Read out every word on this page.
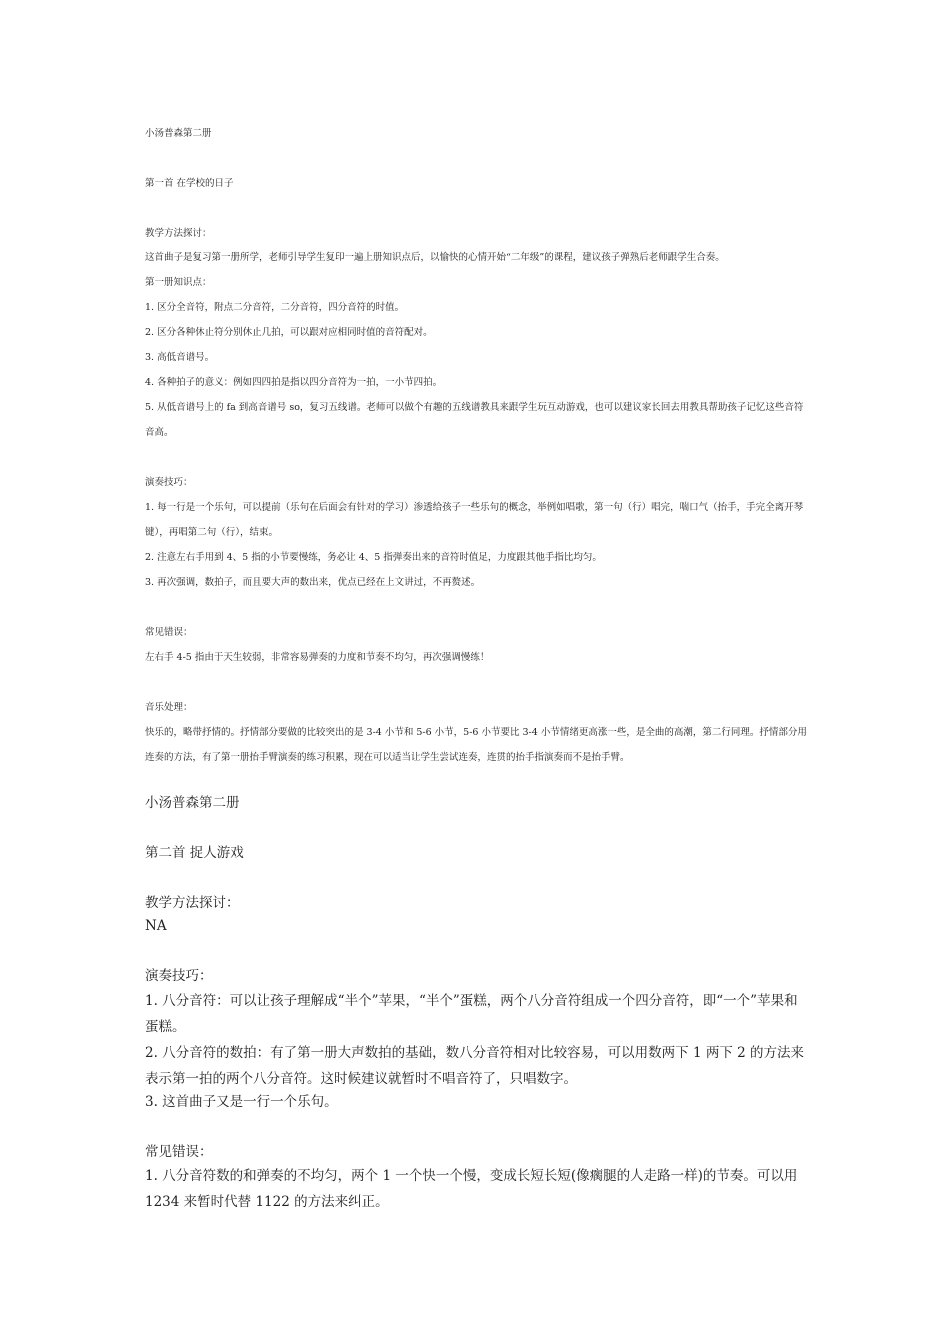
小汤普森第二册
第一首 在学校的日子
教学方法探讨：
这首曲子是复习第一册所学，老师引导学生复印一遍上册知识点后，以愉快的心情开始“二年级”的课程，建议孩子弹熟后老师跟学生合奏。
第一册知识点：
1. 区分全音符，附点二分音符，二分音符，四分音符的时值。
2. 区分各种休止符分别休止几拍，可以跟对应相同时值的音符配对。
3. 高低音谱号。
4. 各种拍子的意义：例如四四拍是指以四分音符为一拍，一小节四拍。
5. 从低音谱号上的 fa 到高音谱号 so，复习五线谱。老师可以做个有趣的五线谱教具来跟学生玩互动游戏，也可以建议家长回去用教具帮助孩子记忆这些音符音高。
演奏技巧：
1. 每一行是一个乐句，可以提前（乐句在后面会有针对的学习）渗透给孩子一些乐句的概念，举例如唱歌，第一句（行）唱完，喘口气（抬手，手完全离开琴键），再唱第二句（行），结束。
2. 注意左右手用到 4、5 指的小节要慢练，务必让 4、5 指弹奏出来的音符时值足，力度跟其他手指比均匀。
3. 再次强调，数拍子，而且要大声的数出来，优点已经在上文讲过，不再赘述。
常见错误：
左右手 4-5 指由于天生较弱，非常容易弹奏的力度和节奏不均匀，再次强调慢练！
音乐处理：
快乐的，略带抒情的。抒情部分要做的比较突出的是 3-4 小节和 5-6 小节，5-6 小节要比 3-4 小节情绪更高涨一些，是全曲的高潮，第二行同理。抒情部分用连奏的方法，有了第一册抬手臂演奏的练习积累，现在可以适当让学生尝试连奏，连贯的抬手指演奏而不是抬手臂。
小汤普森第二册
第二首 捉人游戏
教学方法探讨：
NA
演奏技巧：
1. 八分音符：可以让孩子理解成“半个”苹果，“半个”蛋糕，两个八分音符组成一个四分音符，即“一个”苹果和蛋糕。
2. 八分音符的数拍：有了第一册大声数拍的基础，数八分音符相对比较容易，可以用数两下 1 两下 2 的方法来表示第一拍的两个八分音符。这时候建议就暂时不唱音符了，只唱数字。
3. 这首曲子又是一行一个乐句。
常见错误：
1. 八分音符数的和弹奏的不均匀，两个 1 一个快一个慢，变成长短长短(像瘸腿的人走路一样)的节奏。可以用 1234 来暂时代替 1122 的方法来纠正。
